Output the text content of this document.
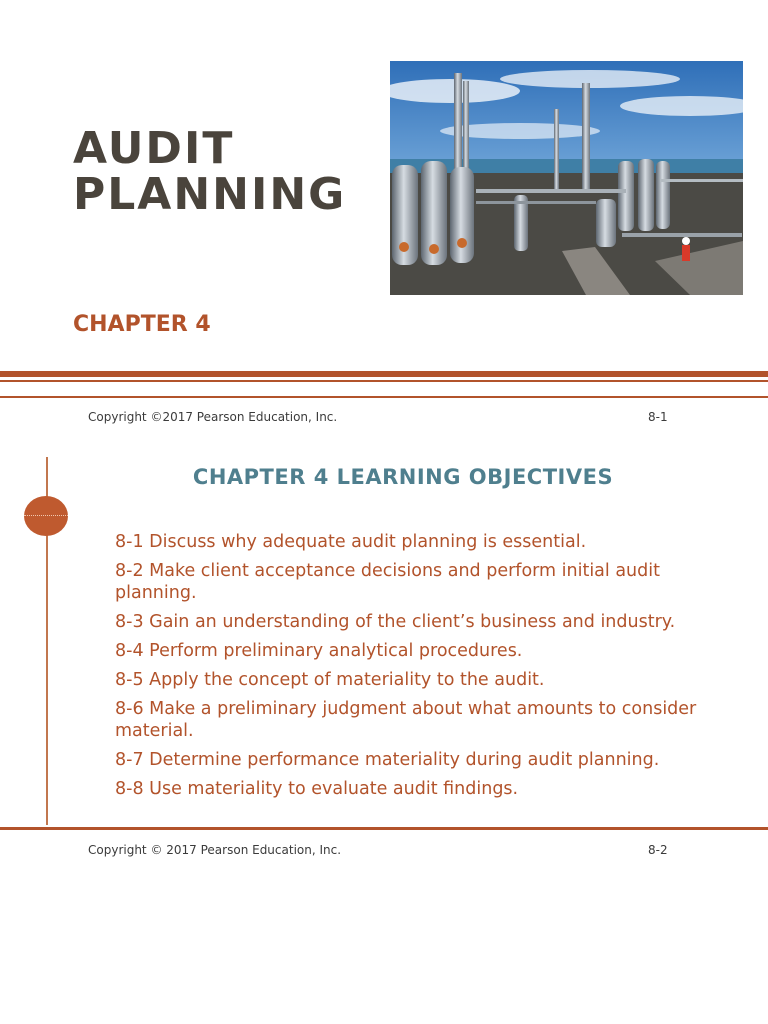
AUDIT
PLANNING
CHAPTER 4
Copyright ©2017 Pearson Education, Inc.	8-1
CHAPTER 4 LEARNING OBJECTIVES
8-1 Discuss why adequate audit planning is essential.
8-2 Make client acceptance decisions and perform initial audit planning.
8-3 Gain an understanding of the client’s business and industry.
8-4 Perform preliminary analytical procedures.
8-5 Apply the concept of materiality to the audit.
8-6 Make a preliminary judgment about what amounts to consider material.
8-7 Determine performance materiality during audit planning.
8-8 Use materiality to evaluate audit findings.
Copyright © 2017 Pearson Education, Inc.	8-2
